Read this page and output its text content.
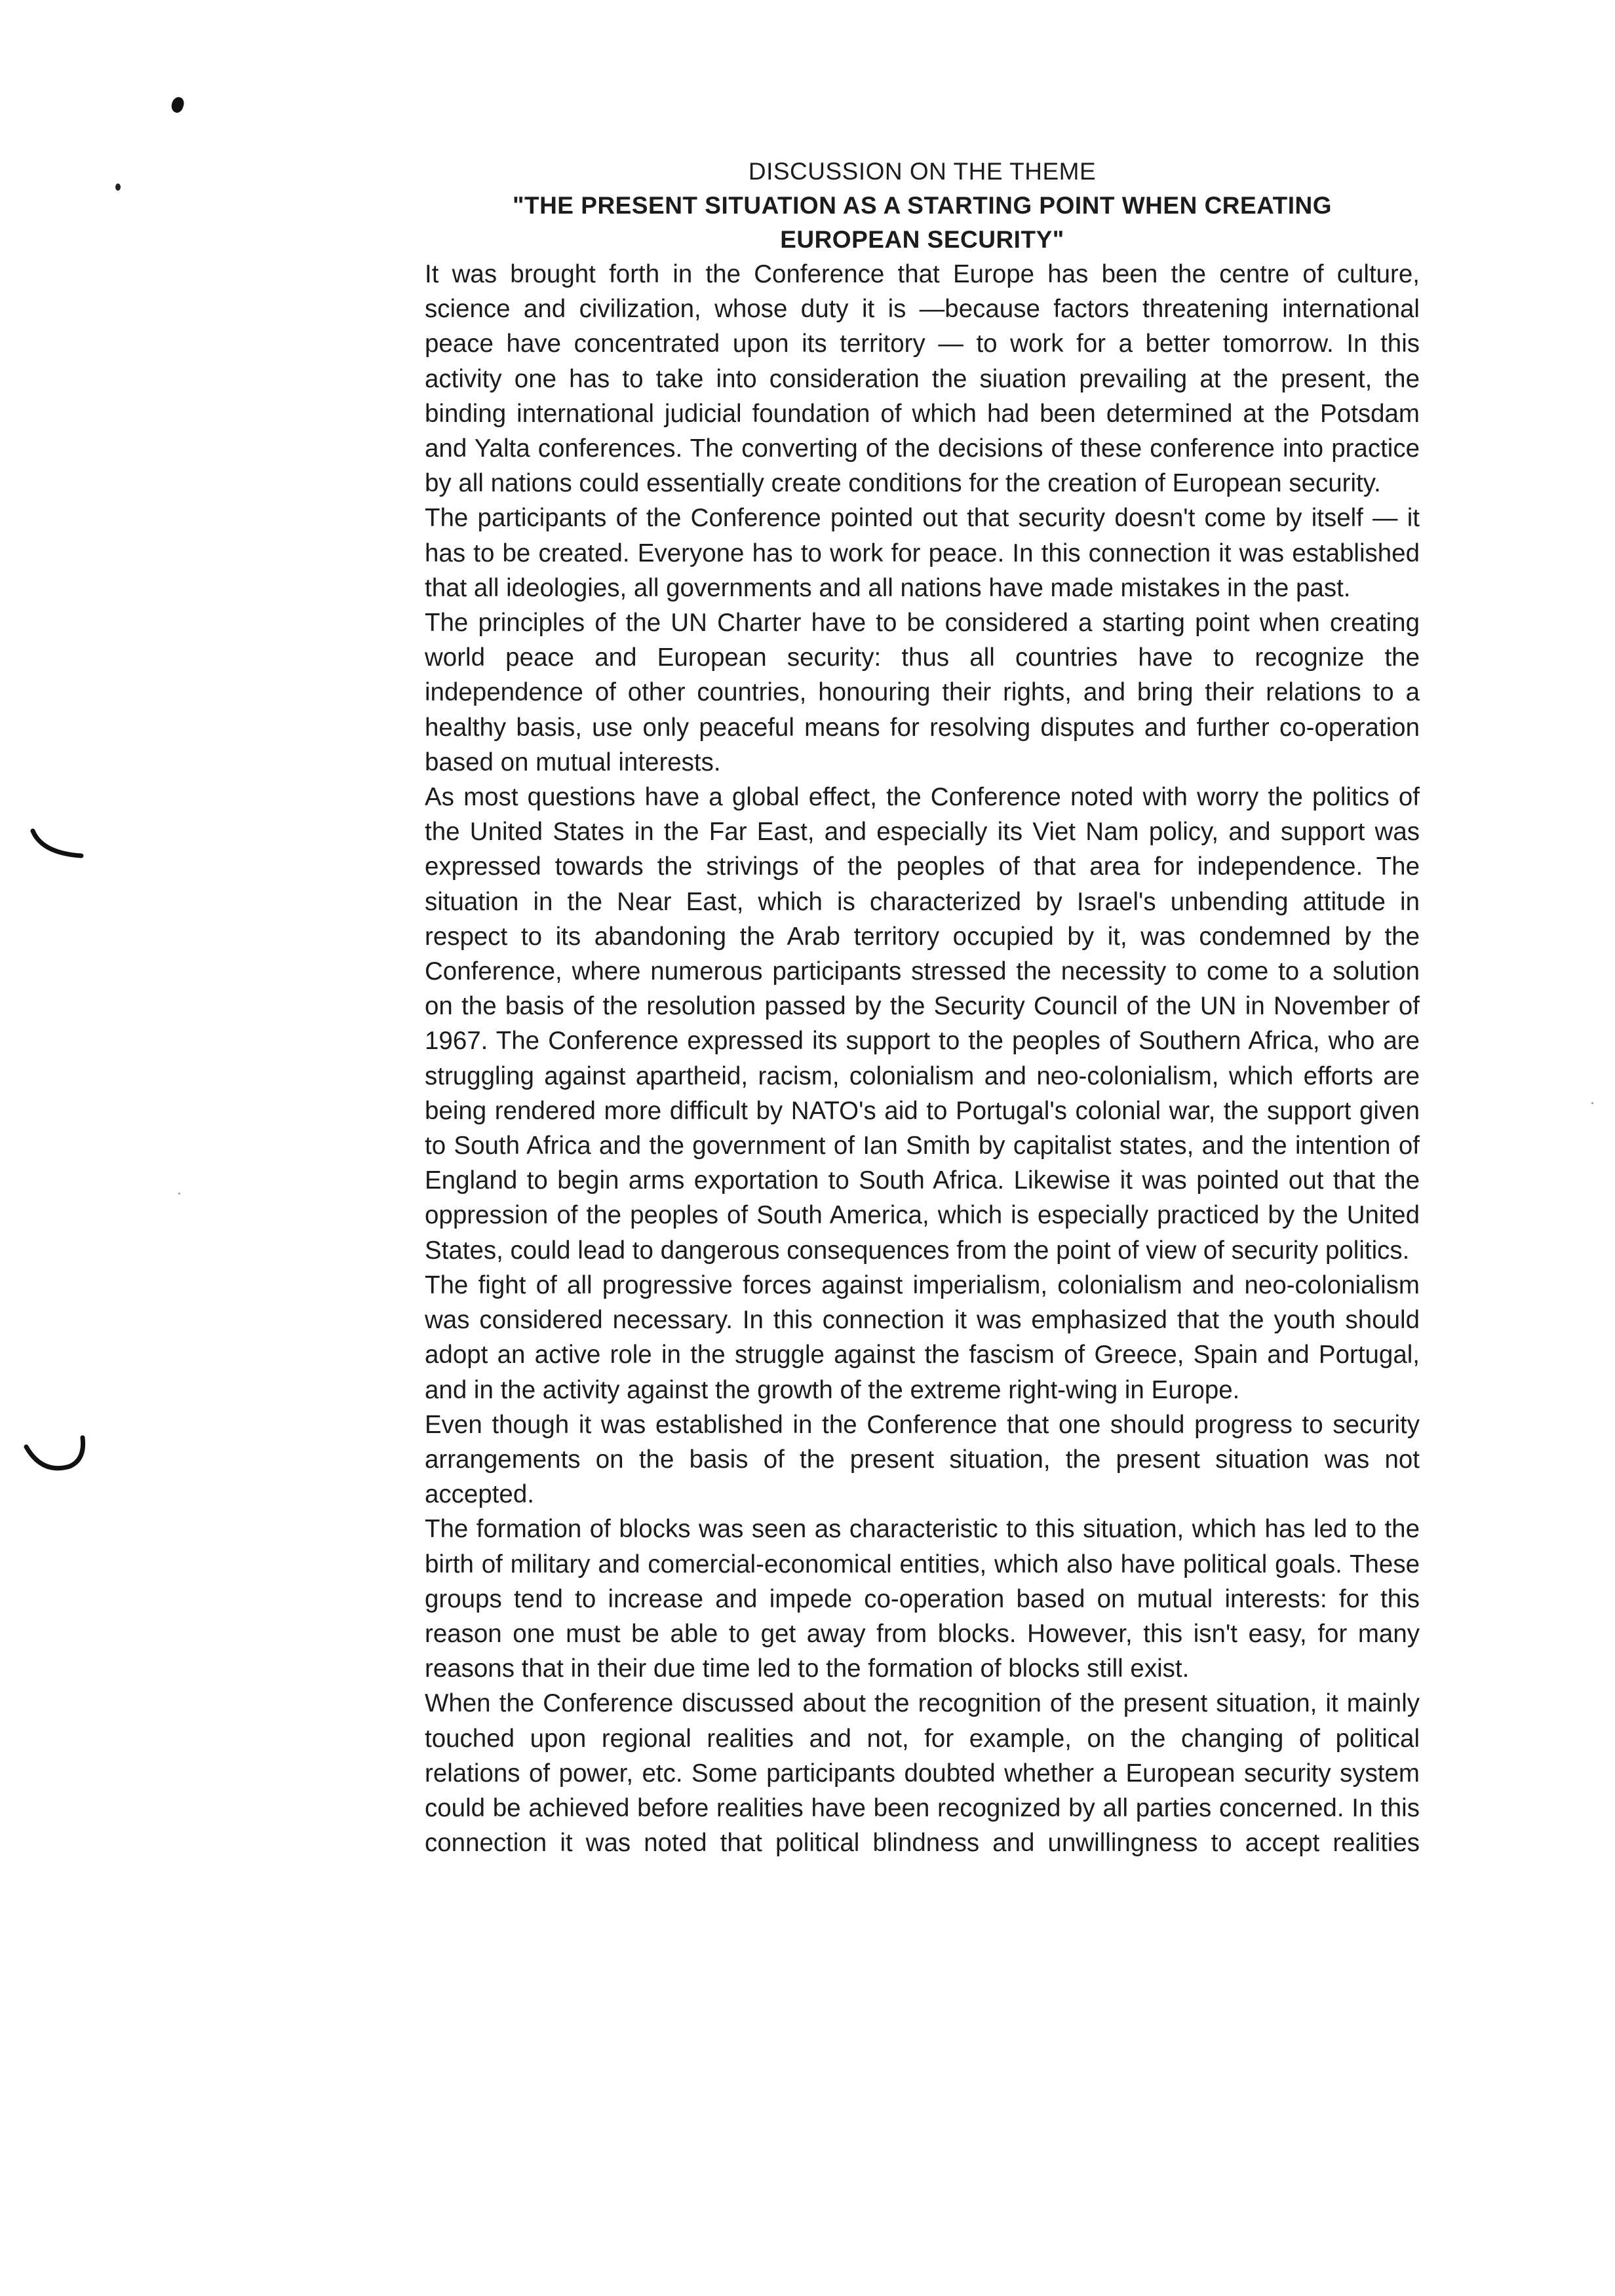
DISCUSSION ON THE THEME

"THE PRESENT SITUATION AS A STARTING POINT WHEN CREATING

EUROPEAN SECURITY"

It was brought forth in the Conference that Europe has been the centre of culture, science and civilization, whose duty it is —because factors threatening international peace have concentrated upon its territory — to work for a better tomorrow. In this activity one has to take into consideration the siuation prevailing at the present, the binding international judicial foundation of which had been determined at the Potsdam and Yalta conferences. The converting of the decisions of these conference into practice by all nations could essentially create conditions for the creation of European security.

The participants of the Conference pointed out that security doesn't come by itself — it has to be created. Everyone has to work for peace. In this connection it was established that all ideologies, all governments and all nations have made mistakes in the past.

The principles of the UN Charter have to be considered a starting point when creating world peace and European security: thus all countries have to recognize the independence of other countries, honouring their rights, and bring their relations to a healthy basis, use only peaceful means for resolving disputes and further co-operation based on mutual interests.

As most questions have a global effect, the Conference noted with worry the politics of the United States in the Far East, and especially its Viet Nam policy, and support was expressed towards the strivings of the peoples of that area for independence. The situation in the Near East, which is characterized by Israel's unbending attitude in respect to its abandoning the Arab territory occupied by it, was condemned by the Conference, where numerous participants stressed the necessity to come to a solution on the basis of the resolution passed by the Security Council of the UN in November of 1967. The Conference expressed its support to the peoples of Southern Africa, who are struggling against apartheid, racism, colonialism and neo-colonialism, which efforts are being rendered more difficult by NATO's aid to Portugal's colonial war, the support given to South Africa and the government of Ian Smith by capitalist states, and the intention of England to begin arms exportation to South Africa. Likewise it was pointed out that the oppression of the peoples of South America, which is especially practiced by the United States, could lead to dangerous consequences from the point of view of security politics.

The fight of all progressive forces against imperialism, colonialism and neo-colonialism was considered necessary. In this connection it was emphasized that the youth should adopt an active role in the struggle against the fascism of Greece, Spain and Portugal, and in the activity against the growth of the extreme right-wing in Europe.

Even though it was established in the Conference that one should progress to security arrangements on the basis of the present situation, the present situation was not accepted.

The formation of blocks was seen as characteristic to this situation, which has led to the birth of military and comercial-economical entities, which also have political goals. These groups tend to increase and impede co-operation based on mutual interests: for this reason one must be able to get away from blocks. However, this isn't easy, for many reasons that in their due time led to the formation of blocks still exist.

When the Conference discussed about the recognition of the present situation, it mainly touched upon regional realities and not, for example, on the changing of political relations of power, etc. Some participants doubted whether a European security system could be achieved before realities have been recognized by all parties concerned. In this connection it was noted that political blindness and unwillingness to accept realities
